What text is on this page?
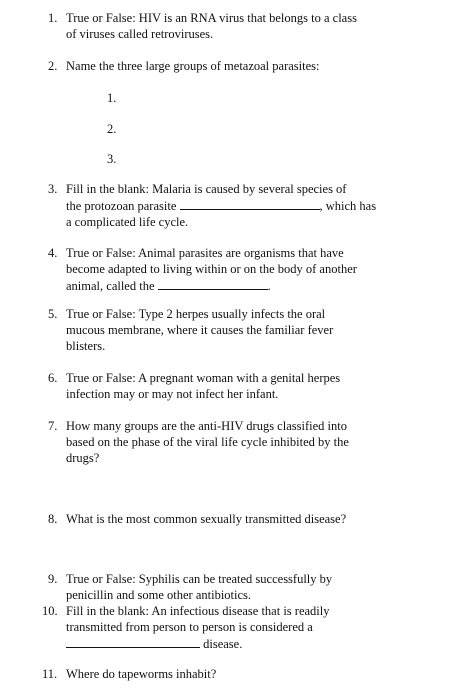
1. True or False: HIV is an RNA virus that belongs to a class
of viruses called retroviruses.
2. Name the three large groups of metazoal parasites:
1.
2.
3.
3. Fill in the blank: Malaria is caused by several species of
the protozoan parasite	, which has
a complicated life cycle.
4. True or False: Animal parasites are organisms that have
become adapted to living within or on the body of another
animal, called the	.
5. True or False: Type 2 herpes usually infects the oral
mucous membrane, where it causes the familiar fever
blisters.
6. True or False: A pregnant woman with a genital herpes
infection may or may not infect her infant.
7. How many groups are the anti-HIV drugs classified into
based on the phase of the viral life cycle inhibited by the
drugs?
8. What is the most common sexually transmitted disease?
9. True or False: Syphilis can be treated successfully by
penicillin and some other antibiotics.
10. Fill in the blank: An infectious disease that is readily
transmitted from person to person is considered a
disease.
11. Where do tapeworms inhabit?
